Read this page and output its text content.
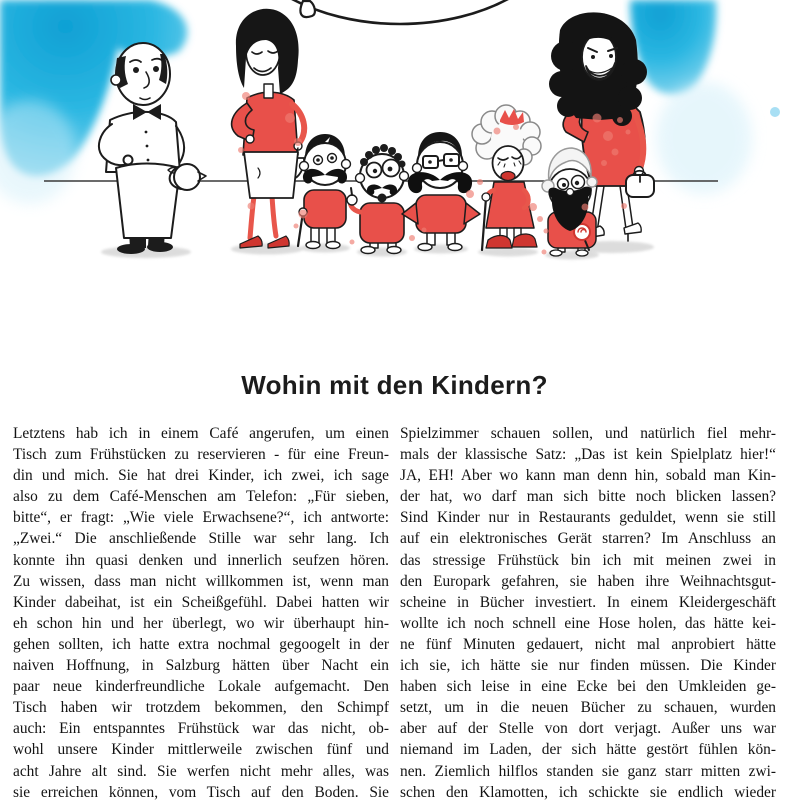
Wohin mit den Kindern?
Letztens hab ich in einem Café angerufen, um einen
Tisch zum Frühstücken zu reservieren - für eine Freun-
din und mich. Sie hat drei Kinder, ich zwei, ich sage
also zu dem Café-Menschen am Telefon: „Für sieben,
bitte“, er fragt: „Wie viele Erwachsene?“, ich antworte:
„Zwei.“ Die anschließende Stille war sehr lang. Ich
konnte ihn quasi denken und innerlich seufzen hören.
Zu wissen, dass man nicht willkommen ist, wenn man
Kinder dabeihat, ist ein Scheißgefühl. Dabei hatten wir
eh schon hin und her überlegt, wo wir überhaupt hin-
gehen sollten, ich hatte extra nochmal gegoogelt in der
naiven Hoffnung, in Salzburg hätten über Nacht ein
paar neue kinderfreundliche Lokale aufgemacht. Den
Tisch haben wir trotzdem bekommen, den Schimpf
auch: Ein entspanntes Frühstück war das nicht, ob-
wohl unsere Kinder mittlerweile zwischen fünf und
acht Jahre alt sind. Sie werfen nicht mehr alles, was
sie erreichen können, vom Tisch auf den Boden. Sie
Spielzimmer schauen sollen, und natürlich fiel mehr-
mals der klassische Satz: „Das ist kein Spielplatz hier!“
JA, EH! Aber wo kann man denn hin, sobald man Kin-
der hat, wo darf man sich bitte noch blicken lassen?
Sind Kinder nur in Restaurants geduldet, wenn sie still
auf ein elektronisches Gerät starren? Im Anschluss an
das stressige Frühstück bin ich mit meinen zwei in
den Europark gefahren, sie haben ihre Weihnachtsgut-
scheine in Bücher investiert. In einem Kleidergeschäft
wollte ich noch schnell eine Hose holen, das hätte kei-
ne fünf Minuten gedauert, nicht mal anprobiert hätte
ich sie, ich hätte sie nur finden müssen. Die Kinder
haben sich leise in eine Ecke bei den Umkleiden ge-
setzt, um in die neuen Bücher zu schauen, wurden
aber auf der Stelle von dort verjagt. Außer uns war
niemand im Laden, der sich hätte gestört fühlen kön-
nen. Ziemlich hilflos standen sie ganz starr mitten zwi-
schen den Klamotten, ich schickte sie endlich wieder
